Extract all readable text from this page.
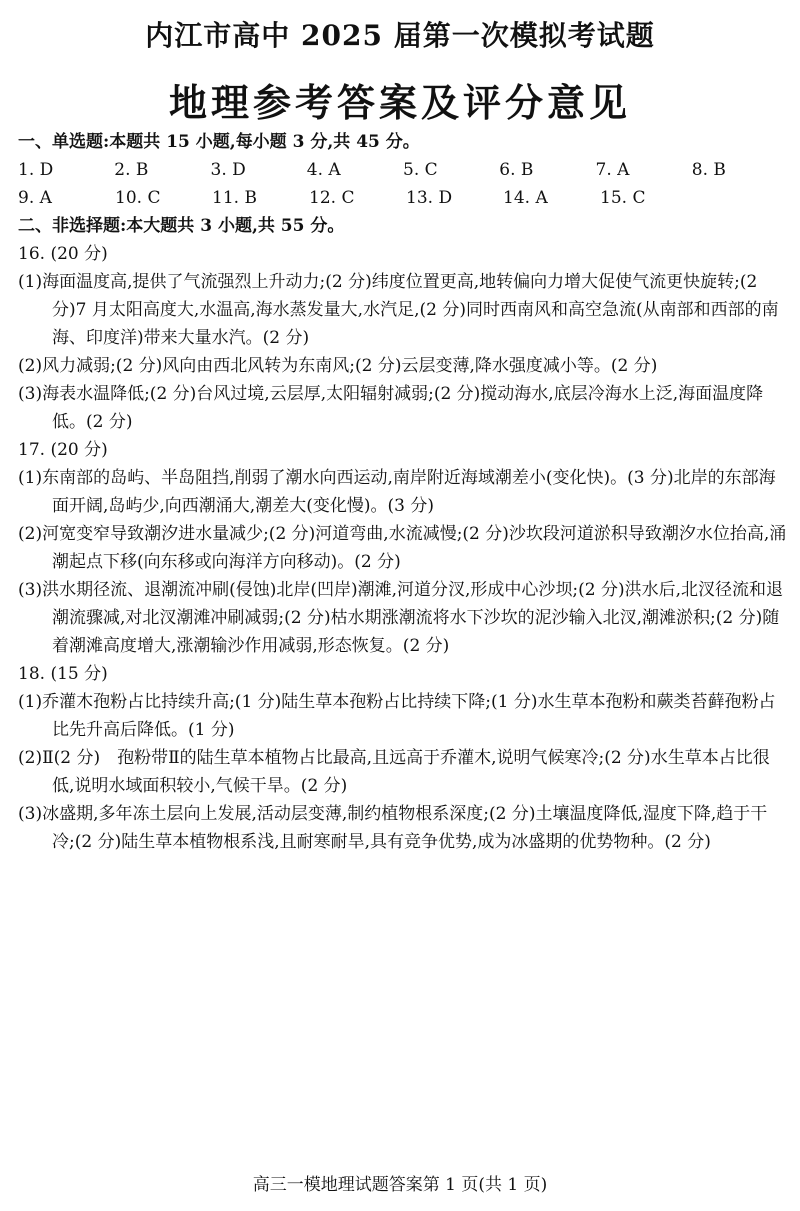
内江市高中 2025 届第一次模拟考试题
地理参考答案及评分意见
一、单选题:本题共 15 小题,每小题 3 分,共 45 分。
1. D	2. B	3. D	4. A	5. C	6. B	7. A	8. B
9. A	10. C	11. B	12. C	13. D	14. A	15. C
二、非选择题:本大题共 3 小题,共 55 分。
16. (20 分)
(1)海面温度高,提供了气流强烈上升动力;(2 分)纬度位置更高,地转偏向力增大促使气流更快旋转;(2 分)7 月太阳高度大,水温高,海水蒸发量大,水汽足,(2 分)同时西南风和高空急流(从南部和西部的南海、印度洋)带来大量水汽。(2 分)
(2)风力减弱;(2 分)风向由西北风转为东南风;(2 分)云层变薄,降水强度减小等。(2 分)
(3)海表水温降低;(2 分)台风过境,云层厚,太阳辐射减弱;(2 分)搅动海水,底层冷海水上泛,海面温度降低。(2 分)
17. (20 分)
(1)东南部的岛屿、半岛阻挡,削弱了潮水向西运动,南岸附近海域潮差小(变化快)。(3 分)北岸的东部海面开阔,岛屿少,向西潮涌大,潮差大(变化慢)。(3 分)
(2)河宽变窄导致潮汐进水量减少;(2 分)河道弯曲,水流减慢;(2 分)沙坎段河道淤积导致潮汐水位抬高,涌潮起点下移(向东移或向海洋方向移动)。(2 分)
(3)洪水期径流、退潮流冲刷(侵蚀)北岸(凹岸)潮滩,河道分汊,形成中心沙坝;(2 分)洪水后,北汊径流和退潮流骤减,对北汊潮滩冲刷减弱;(2 分)枯水期涨潮流将水下沙坎的泥沙输入北汊,潮滩淤积;(2 分)随着潮滩高度增大,涨潮输沙作用减弱,形态恢复。(2 分)
18. (15 分)
(1)乔灌木孢粉占比持续升高;(1 分)陆生草本孢粉占比持续下降;(1 分)水生草本孢粉和蕨类苔藓孢粉占比先升高后降低。(1 分)
(2)Ⅱ(2 分)　孢粉带Ⅱ的陆生草本植物占比最高,且远高于乔灌木,说明气候寒冷;(2 分)水生草本占比很低,说明水域面积较小,气候干旱。(2 分)
(3)冰盛期,多年冻土层向上发展,活动层变薄,制约植物根系深度;(2 分)土壤温度降低,湿度下降,趋于干冷;(2 分)陆生草本植物根系浅,且耐寒耐旱,具有竞争优势,成为冰盛期的优势物种。(2 分)
高三一模地理试题答案第 1 页(共 1 页)
